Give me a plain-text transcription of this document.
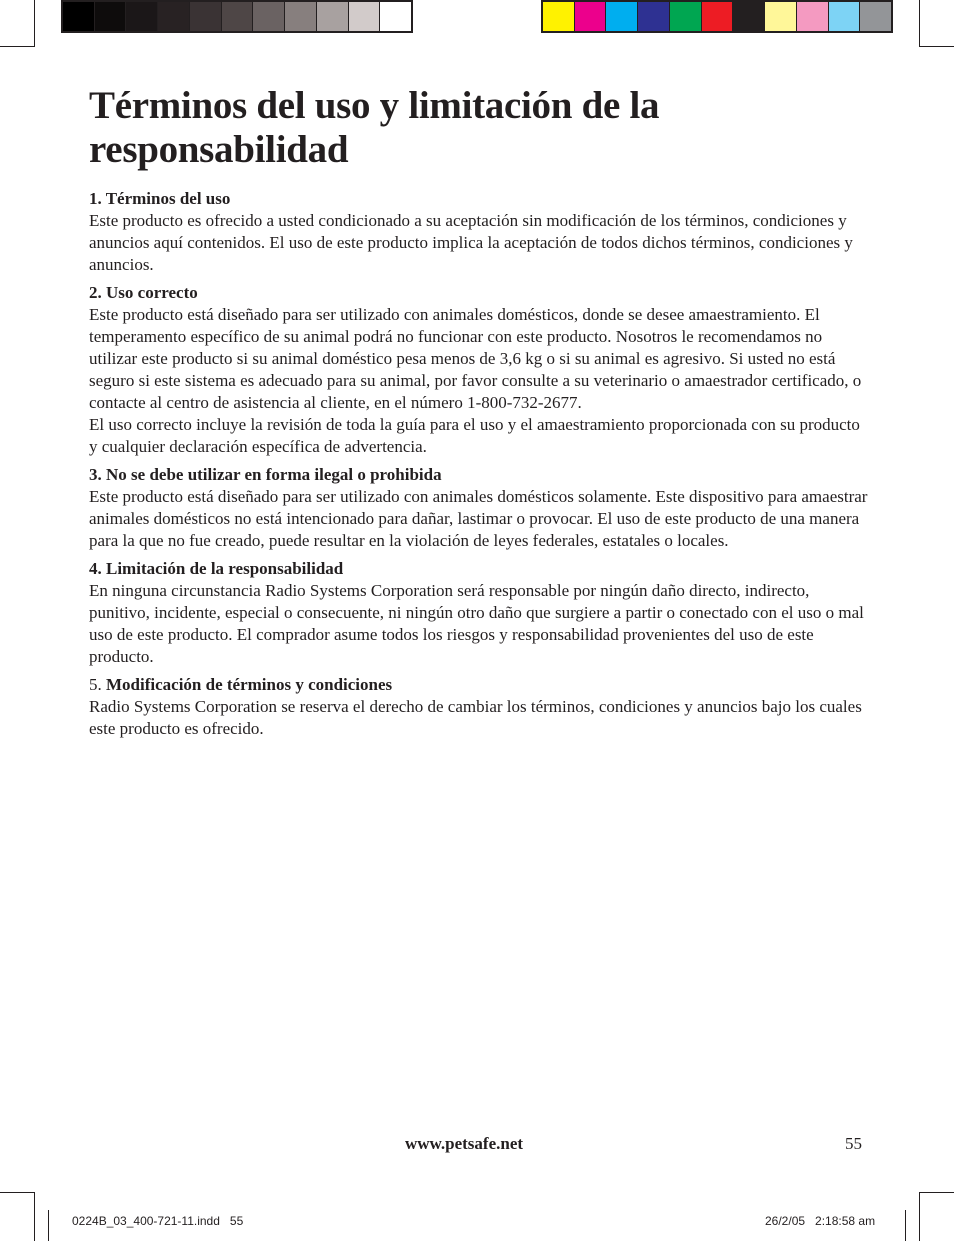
Términos del uso y limitación de la responsabilidad
1. Términos del uso

Este producto es ofrecido a usted condicionado a su aceptación sin modificación de los términos, condiciones y anuncios aquí contenidos. El uso de este producto implica la aceptación de todos dichos términos, condiciones y anuncios.

2. Uso correcto

Este producto está diseñado para ser utilizado con animales domésticos, donde se desee amaestramiento. El temperamento específico de su animal podrá no funcionar con este producto. Nosotros le recomendamos no utilizar este producto si su animal doméstico pesa menos de 3,6 kg o si su animal es agresivo. Si usted no está seguro si este sistema es adecuado para su animal, por favor consulte a su veterinario o amaestrador certificado, o contacte al centro de asistencia al cliente, en el número 1-800-732-2677.

El uso correcto incluye la revisión de toda la guía para el uso y el amaestramiento proporcionada con su producto y cualquier declaración específica de advertencia.

3. No se debe utilizar en forma ilegal o prohibida

Este producto está diseñado para ser utilizado con animales domésticos solamente. Este dispositivo para amaestrar animales domésticos no está intencionado para dañar, lastimar o provocar. El uso de este producto de una manera para la que no fue creado, puede resultar en la violación de leyes federales, estatales o locales.

4. Limitación de la responsabilidad

En ninguna circunstancia Radio Systems Corporation será responsable por ningún daño directo, indirecto, punitivo, incidente, especial o consecuente, ni ningún otro daño que surgiere a partir o conectado con el uso o mal uso de este producto. El comprador asume todos los riesgos y responsabilidad provenientes del uso de este producto.

5. Modificación de términos y condiciones

Radio Systems Corporation se reserva el derecho de cambiar los términos, condiciones y anuncios bajo los cuales este producto es ofrecido.

www.petsafe.net	55
0224B_03_400-721-11.indd   55	26/2/05   2:18:58 am
